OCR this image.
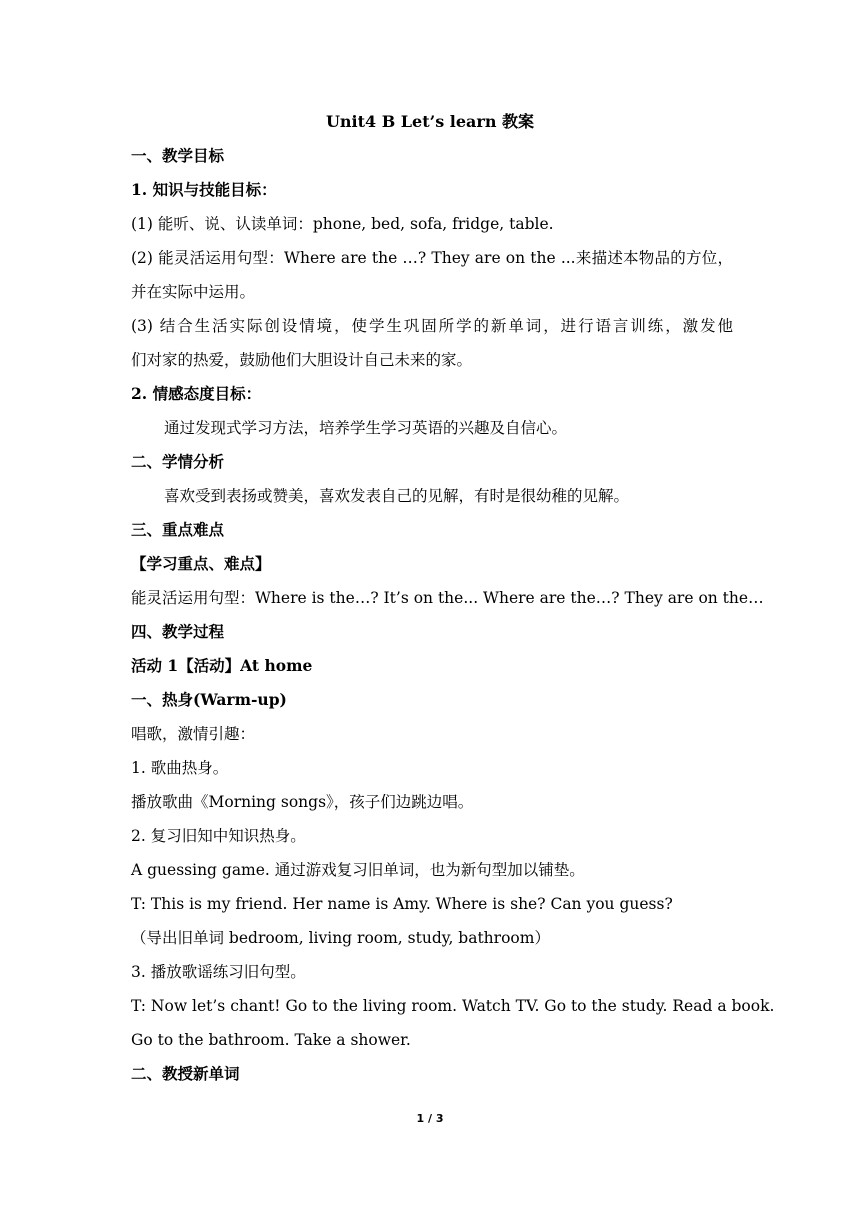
Unit4 B Let’s learn 教案
一、教学目标
1. 知识与技能目标：
(1) 能听、说、认读单词：phone, bed, sofa, fridge, table.
(2) 能灵活运用句型：Where are the …? They are on the ...来描述本物品的方位，
并在实际中运用。
(3) 结合生活实际创设情境，使学生巩固所学的新单词，进行语言训练，激发他
们对家的热爱，鼓励他们大胆设计自己未来的家。
2. 情感态度目标：
通过发现式学习方法，培养学生学习英语的兴趣及自信心。
二、学情分析
喜欢受到表扬或赞美，喜欢发表自己的见解，有时是很幼稚的见解。
三、重点难点
【学习重点、难点】
能灵活运用句型：Where is the…? It’s on the... Where are the…? They are on the…
四、教学过程
活动 1【活动】At home
一、热身(Warm-up)
唱歌，激情引趣：
1. 歌曲热身。
播放歌曲《Morning songs》，孩子们边跳边唱。
2. 复习旧知中知识热身。
A guessing game. 通过游戏复习旧单词，也为新句型加以铺垫。
T: This is my friend. Her name is Amy. Where is she? Can you guess?
（导出旧单词 bedroom, living room, study, bathroom）
3. 播放歌谣练习旧句型。
T: Now let’s chant! Go to the living room. Watch TV. Go to the study. Read a book.
Go to the bathroom. Take a shower.
二、教授新单词
1 / 3
